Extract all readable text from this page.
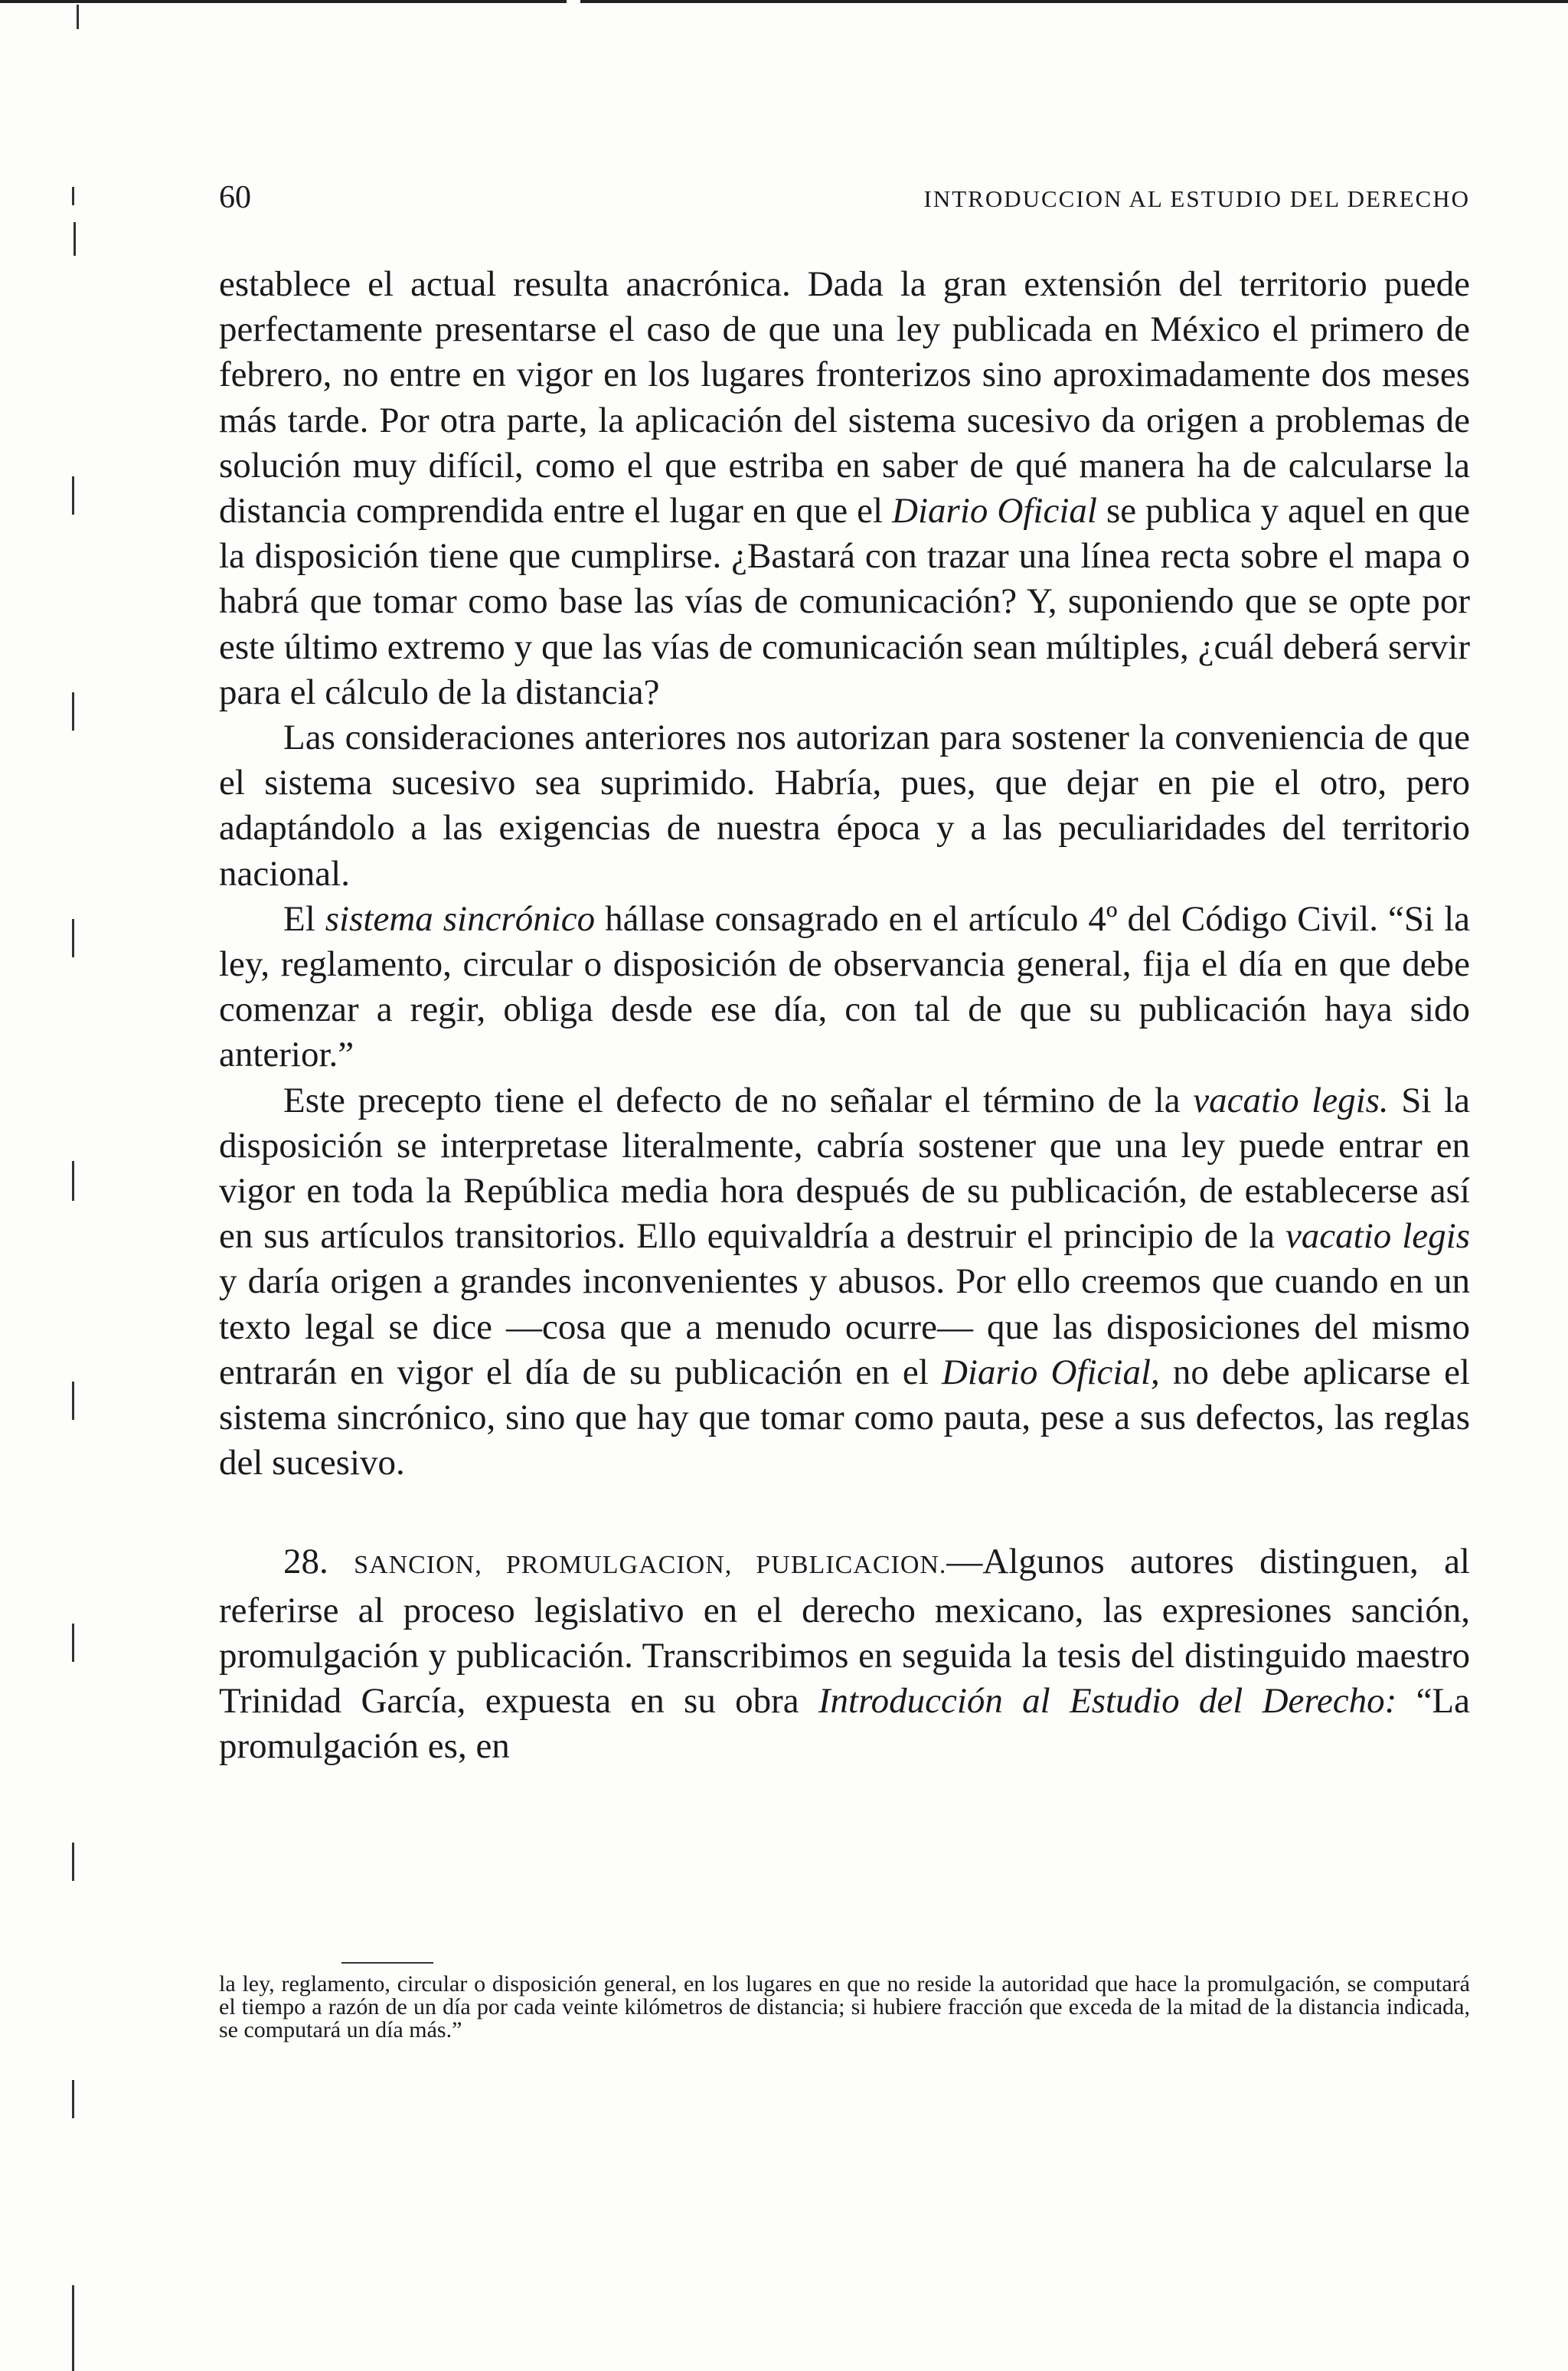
60	INTRODUCCION AL ESTUDIO DEL DERECHO

establece el actual resulta anacrónica. Dada la gran extensión del territorio puede perfectamente presentarse el caso de que una ley publicada en México el primero de febrero, no entre en vigor en los lugares fronterizos sino aproximadamente dos meses más tarde. Por otra parte, la aplicación del sistema sucesivo da origen a problemas de solución muy difícil, como el que estriba en saber de qué manera ha de calcularse la distancia comprendida entre el lugar en que el Diario Oficial se publica y aquel en que la disposición tiene que cumplirse. ¿Bastará con trazar una línea recta sobre el mapa o habrá que tomar como base las vías de comunicación? Y, suponiendo que se opte por este último extremo y que las vías de comunicación sean múltiples, ¿cuál deberá servir para el cálculo de la distancia?

Las consideraciones anteriores nos autorizan para sostener la conveniencia de que el sistema sucesivo sea suprimido. Habría, pues, que dejar en pie el otro, pero adaptándolo a las exigencias de nuestra época y a las peculiaridades del territorio nacional.

El sistema sincrónico hállase consagrado en el artículo 4º del Código Civil. “Si la ley, reglamento, circular o disposición de observancia general, fija el día en que debe comenzar a regir, obliga desde ese día, con tal de que su publicación haya sido anterior.”

Este precepto tiene el defecto de no señalar el término de la vacatio legis. Si la disposición se interpretase literalmente, cabría sostener que una ley puede entrar en vigor en toda la República media hora después de su publicación, de establecerse así en sus artículos transitorios. Ello equivaldría a destruir el principio de la vacatio legis y daría origen a grandes inconvenientes y abusos. Por ello creemos que cuando en un texto legal se dice —cosa que a menudo ocurre— que las disposiciones del mismo entrarán en vigor el día de su publicación en el Diario Oficial, no debe aplicarse el sistema sincrónico, sino que hay que tomar como pauta, pese a sus defectos, las reglas del sucesivo.

28. SANCION, PROMULGACION, PUBLICACION.—Algunos autores distinguen, al referirse al proceso legislativo en el derecho mexicano, las expresiones sanción, promulgación y publicación. Transcribimos en seguida la tesis del distinguido maestro Trinidad García, expuesta en su obra Introducción al Estudio del Derecho: “La promulgación es, en

la ley, reglamento, circular o disposición general, en los lugares en que no reside la autoridad que hace la promulgación, se computará el tiempo a razón de un día por cada veinte kilómetros de distancia; si hubiere fracción que exceda de la mitad de la distancia indicada, se computará un día más.”
